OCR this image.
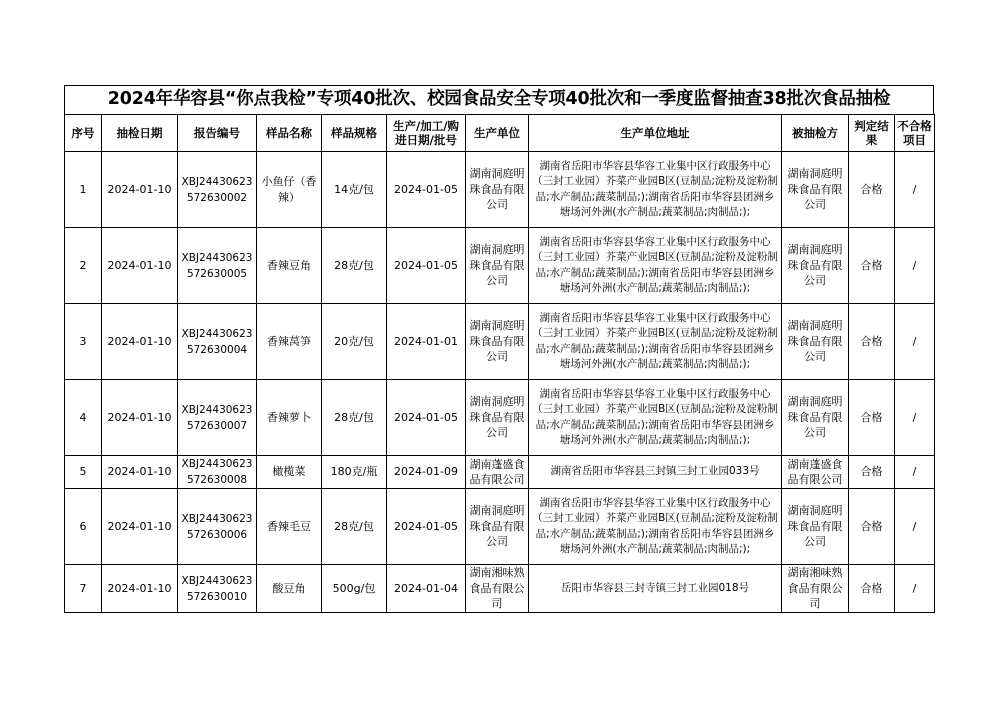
2024年华容县“你点我检”专项40批次、校园食品安全专项40批次和一季度监督抽查38批次食品抽检
序号	抽检日期	报告编号	样品名称	样品规格	生产/加工/购进日期/批号	生产单位	生产单位地址	被抽检方	判定结果	不合格项目
1	2024-01-10	XBJ24430623572630002	小鱼仔（香辣）	14克/包	2024-01-05	湖南洞庭明珠食品有限公司	湖南省岳阳市华容县华容工业集中区行政服务中心（三封工业园）芥菜产业园B区(豆制品;淀粉及淀粉制品;水产制品;蔬菜制品;);湖南省岳阳市华容县团洲乡塘场河外洲(水产制品;蔬菜制品;肉制品;);	湖南洞庭明珠食品有限公司	合格	/
2	2024-01-10	XBJ24430623572630005	香辣豆角	28克/包	2024-01-05	湖南洞庭明珠食品有限公司	湖南省岳阳市华容县华容工业集中区行政服务中心（三封工业园）芥菜产业园B区(豆制品;淀粉及淀粉制品;水产制品;蔬菜制品;);湖南省岳阳市华容县团洲乡塘场河外洲(水产制品;蔬菜制品;肉制品;);	湖南洞庭明珠食品有限公司	合格	/
3	2024-01-10	XBJ24430623572630004	香辣莴笋	20克/包	2024-01-01	湖南洞庭明珠食品有限公司	湖南省岳阳市华容县华容工业集中区行政服务中心（三封工业园）芥菜产业园B区(豆制品;淀粉及淀粉制品;水产制品;蔬菜制品;);湖南省岳阳市华容县团洲乡塘场河外洲(水产制品;蔬菜制品;肉制品;);	湖南洞庭明珠食品有限公司	合格	/
4	2024-01-10	XBJ24430623572630007	香辣萝卜	28克/包	2024-01-05	湖南洞庭明珠食品有限公司	湖南省岳阳市华容县华容工业集中区行政服务中心（三封工业园）芥菜产业园B区(豆制品;淀粉及淀粉制品;水产制品;蔬菜制品;);湖南省岳阳市华容县团洲乡塘场河外洲(水产制品;蔬菜制品;肉制品;);	湖南洞庭明珠食品有限公司	合格	/
5	2024-01-10	XBJ24430623572630008	橄榄菜	180克/瓶	2024-01-09	湖南蓬盛食品有限公司	湖南省岳阳市华容县三封镇三封工业园033号	湖南蓬盛食品有限公司	合格	/
6	2024-01-10	XBJ24430623572630006	香辣毛豆	28克/包	2024-01-05	湖南洞庭明珠食品有限公司	湖南省岳阳市华容县华容工业集中区行政服务中心（三封工业园）芥菜产业园B区(豆制品;淀粉及淀粉制品;水产制品;蔬菜制品;);湖南省岳阳市华容县团洲乡塘场河外洲(水产制品;蔬菜制品;肉制品;);	湖南洞庭明珠食品有限公司	合格	/
7	2024-01-10	XBJ24430623572630010	酸豆角	500g/包	2024-01-04	湖南湘味熟食品有限公司	岳阳市华容县三封寺镇三封工业园018号	湖南湘味熟食品有限公司	合格	/
